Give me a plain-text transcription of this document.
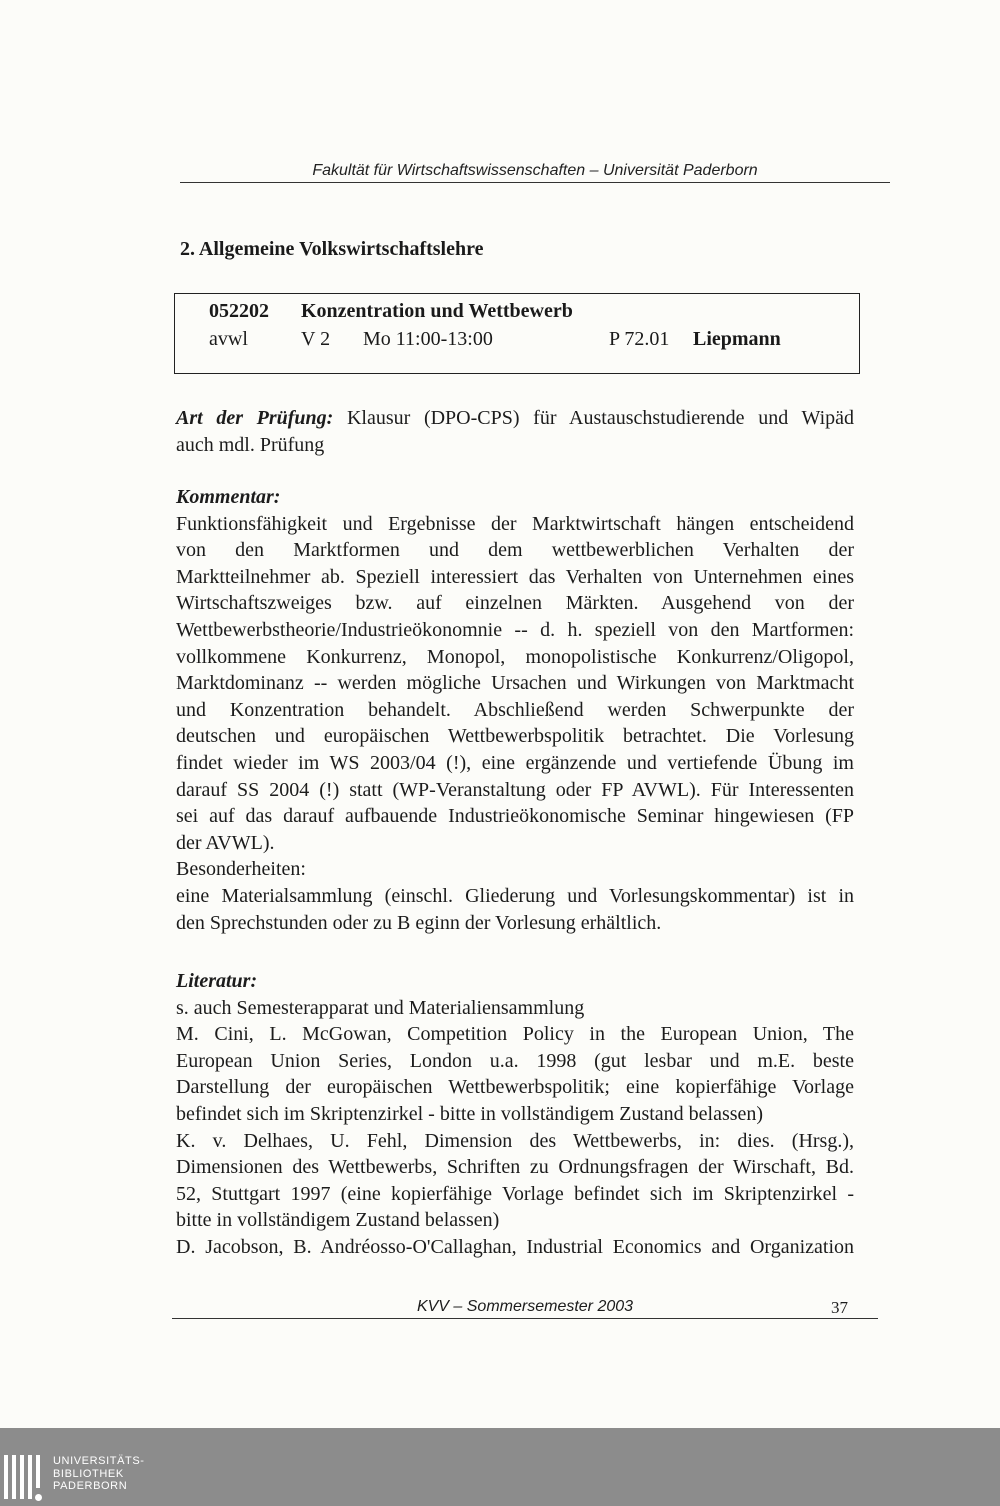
Fakultät für Wirtschaftswissenschaften – Universität Paderborn
2. Allgemeine Volkswirtschaftslehre
052202 Konzentration und Wettbewerb
avwl	V 2 Mo 11:00-13:00	P 72.01 Liepmann
Art der Prüfung: Klausur (DPO-CPS) für Austauschstudierende und Wipäd
auch mdl. Prüfung
Kommentar:
Funktionsfähigkeit und Ergebnisse der Marktwirtschaft hängen entscheidend
von den Marktformen und dem wettbewerblichen Verhalten der
Marktteilnehmer ab. Speziell interessiert das Verhalten von Unternehmen eines
Wirtschaftszweiges bzw. auf einzelnen Märkten. Ausgehend von der
Wettbewerbstheorie/Industrieökonomnie -- d. h. speziell von den Martformen:
vollkommene Konkurrenz, Monopol, monopolistische Konkurrenz/Oligopol,
Marktdominanz -- werden mögliche Ursachen und Wirkungen von Marktmacht
und Konzentration behandelt. Abschließend werden Schwerpunkte der
deutschen und europäischen Wettbewerbspolitik betrachtet. Die Vorlesung
findet wieder im WS 2003/04 (!), eine ergänzende und vertiefende Übung im
darauf SS 2004 (!) statt (WP-Veranstaltung oder FP AVWL). Für Interessenten
sei auf das darauf aufbauende Industrieökonomische Seminar hingewiesen (FP
der AVWL).
Besonderheiten:
eine Materialsammlung (einschl. Gliederung und Vorlesungskommentar) ist in
den Sprechstunden oder zu B eginn der Vorlesung erhältlich.
Literatur:
s. auch Semesterapparat und Materialiensammlung
M. Cini, L. McGowan, Competition Policy in the European Union, The
European Union Series, London u.a. 1998 (gut lesbar und m.E. beste
Darstellung der europäischen Wettbewerbspolitik; eine kopierfähige Vorlage
befindet sich im Skriptenzirkel - bitte in vollständigem Zustand belassen)
K. v. Delhaes, U. Fehl, Dimension des Wettbewerbs, in: dies. (Hrsg.),
Dimensionen des Wettbewerbs, Schriften zu Ordnungsfragen der Wirschaft, Bd.
52, Stuttgart 1997 (eine kopierfähige Vorlage befindet sich im Skriptenzirkel -
bitte in vollständigem Zustand belassen)
D. Jacobson, B. Andréosso-O'Callaghan, Industrial Economics and Organization
KVV – Sommersemester 2003	37
UNIVERSITÄTS-
BIBLIOTHEK
PADERBORN
